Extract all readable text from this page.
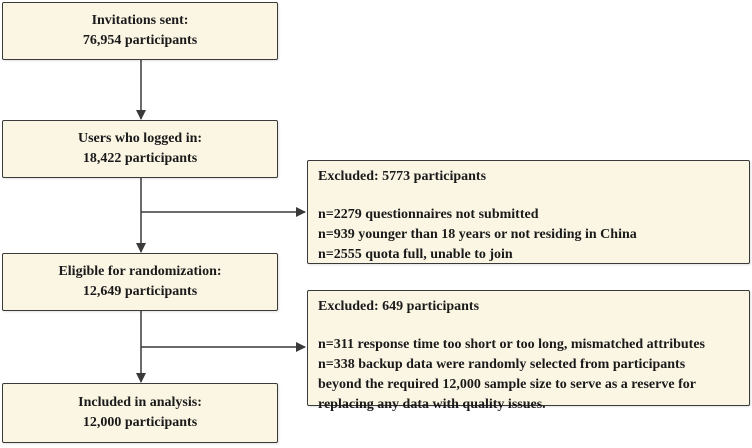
Invitations sent:
76,954 participants
Users who logged in:
18,422 participants
Eligible for randomization:
12,649 participants
Included in analysis:
12,000 participants
Excluded: 5773 participants
n=2279 questionnaires not submitted
n=939 younger than 18 years or not residing in China
n=2555 quota full, unable to join
Excluded: 649 participants
n=311 response time too short or too long, mismatched attributes
n=338 backup data were randomly selected from participants
beyond the required 12,000 sample size to serve as a reserve for
replacing any data with quality issues.
